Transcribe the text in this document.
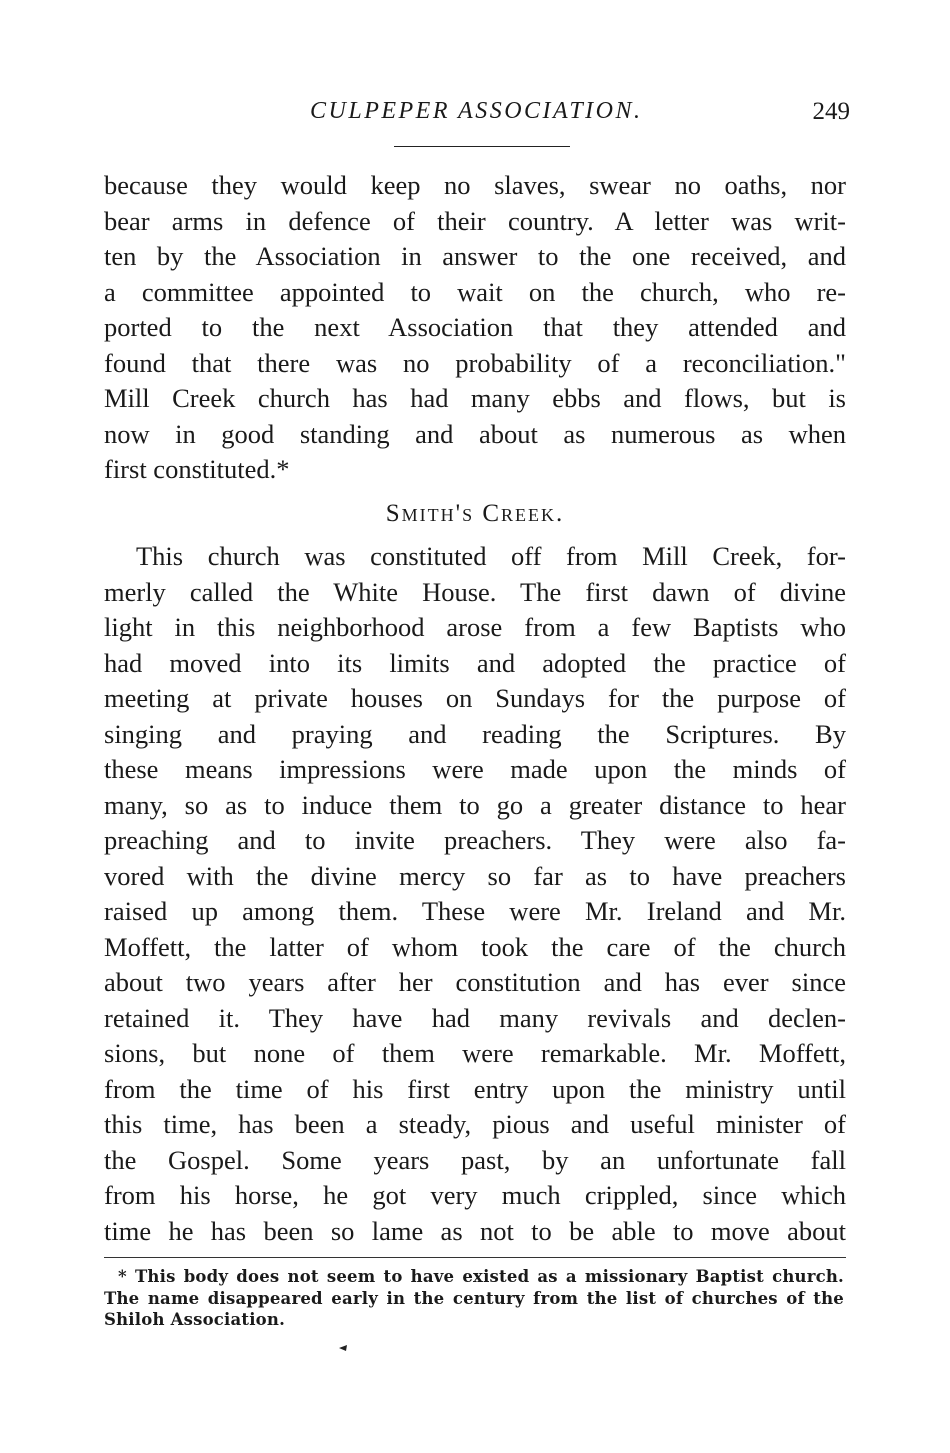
CULPEPER ASSOCIATION.	249
because they would keep no slaves, swear no oaths, nor
bear arms in defence of their country. A letter was writ-
ten by the Association in answer to the one received, and
a committee appointed to wait on the church, who re-
ported to the next Association that they attended and
found that there was no probability of a reconciliation."
Mill Creek church has had many ebbs and flows, but is
now in good standing and about as numerous as when
first constituted.*
Smith's Creek.
This church was constituted off from Mill Creek, for-
merly called the White House. The first dawn of divine
light in this neighborhood arose from a few Baptists who
had moved into its limits and adopted the practice of
meeting at private houses on Sundays for the purpose of
singing and praying and reading the Scriptures. By
these means impressions were made upon the minds of
many, so as to induce them to go a greater distance to hear
preaching and to invite preachers. They were also fa-
vored with the divine mercy so far as to have preachers
raised up among them. These were Mr. Ireland and Mr.
Moffett, the latter of whom took the care of the church
about two years after her constitution and has ever since
retained it. They have had many revivals and declen-
sions, but none of them were remarkable. Mr. Moffett,
from the time of his first entry upon the ministry until
this time, has been a steady, pious and useful minister of
the Gospel. Some years past, by an unfortunate fall
from his horse, he got very much crippled, since which
time he has been so lame as not to be able to move about
* This body does not seem to have existed as a missionary Baptist church.
The name disappeared early in the century from the list of churches of the
Shiloh Association.
